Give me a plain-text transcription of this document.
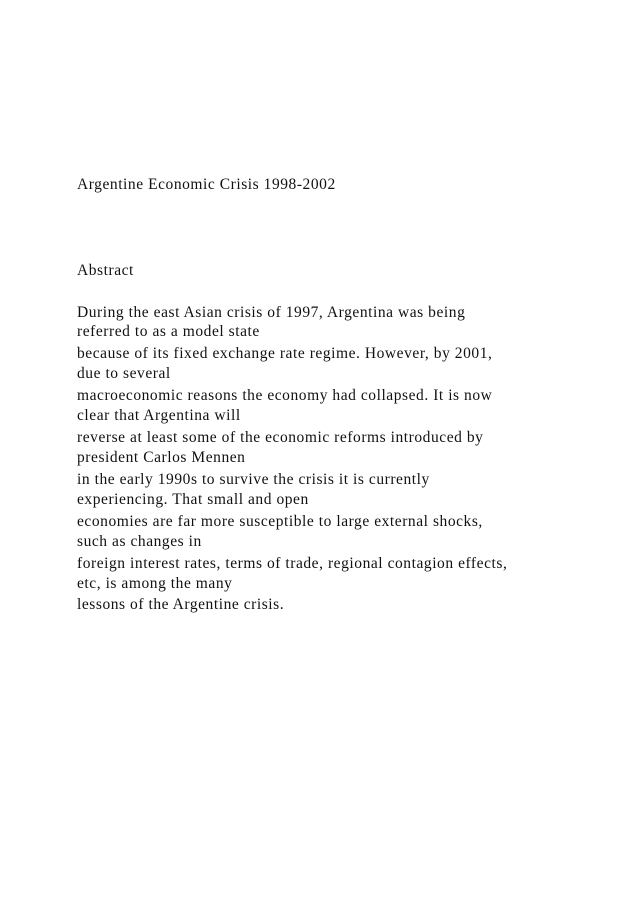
Argentine Economic Crisis 1998-2002

Abstract

During the east Asian crisis of 1997, Argentina was being

referred to as a model state

because of its fixed exchange rate regime. However, by 2001,

due to several

macroeconomic reasons the economy had collapsed. It is now

clear that Argentina will

reverse at least some of the economic reforms introduced by

president Carlos Mennen

in the early 1990s to survive the crisis it is currently

experiencing. That small and open

economies are far more susceptible to large external shocks,

such as changes in

foreign interest rates, terms of trade, regional contagion effects,

etc, is among the many

lessons of the Argentine crisis.
